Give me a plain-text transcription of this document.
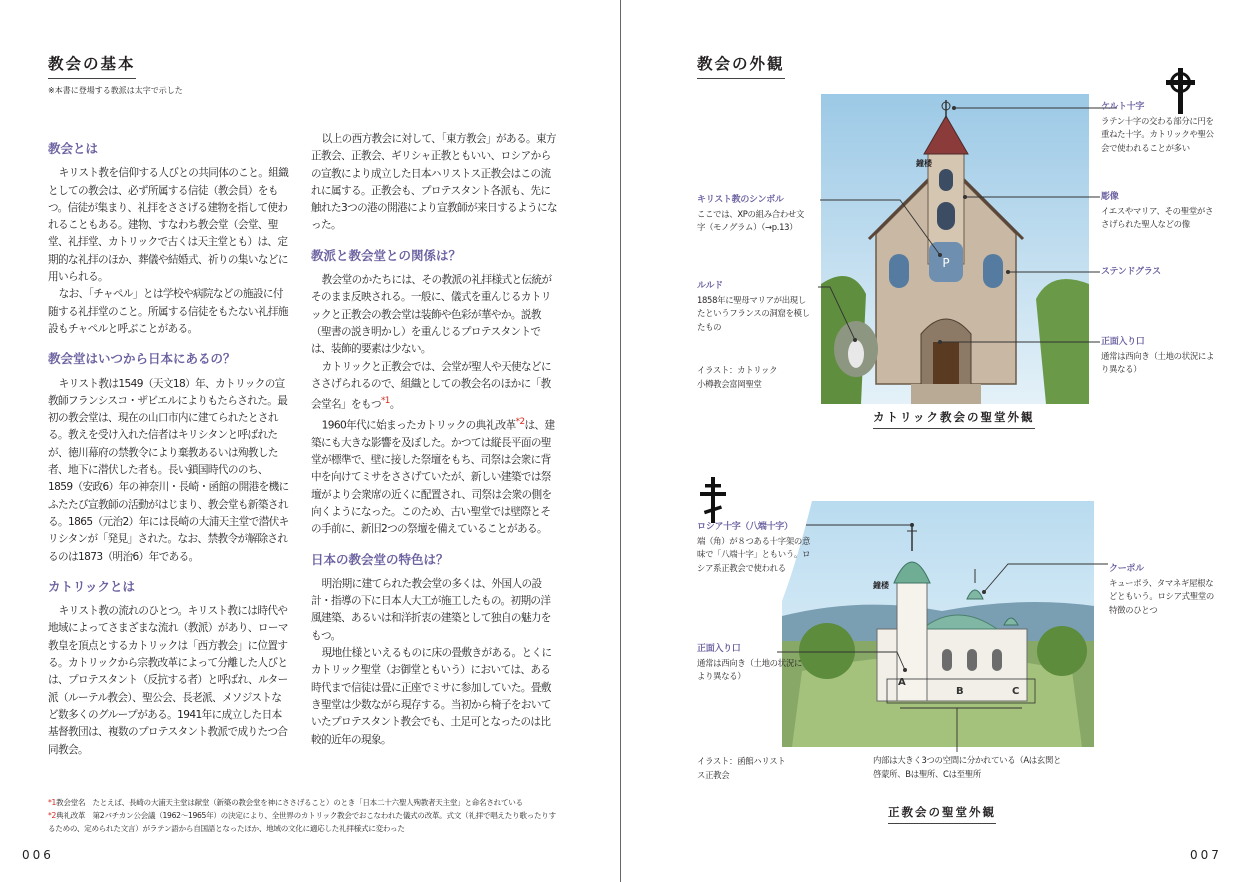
教会の基本
※本書に登場する教派は太字で示した
教会とは

キリスト教を信仰する人びとの共同体のこと。組織としての教会は、必ず所属する信徒（教会員）をもつ。信徒が集まり、礼拝をささげる建物を指して使われることもある。建物、すなわち教会堂（会堂、聖堂、礼拝堂、カトリックで古くは天主堂とも）は、定期的な礼拝のほか、葬儀や結婚式、祈りの集いなどに用いられる。

なお、「チャペル」とは学校や病院などの施設に付随する礼拝堂のこと。所属する信徒をもたない礼拝施設もチャペルと呼ぶことがある。

教会堂はいつから日本にあるの？

キリスト教は1549（天文18）年、カトリックの宣教師フランシスコ・ザビエルによりもたらされた。最初の教会堂は、現在の山口市内に建てられたとされる。教えを受け入れた信者はキリシタンと呼ばれたが、徳川幕府の禁教令により棄教あるいは殉教した者、地下に潜伏した者も。長い鎖国時代ののち、1859（安政6）年の神奈川・長崎・函館の開港を機にふたたび宣教師の活動がはじまり、教会堂も新築される。1865（元治2）年には長崎の大浦天主堂で潜伏キリシタンが「発見」された。なお、禁教令が解除されるのは1873（明治6）年である。

カトリックとは

キリスト教の流れのひとつ。キリスト教には時代や地域によってさまざまな流れ（教派）があり、ローマ教皇を頂点とするカトリックは「西方教会」に位置する。カトリックから宗教改革によって分離した人びとは、プロテスタント（反抗する者）と呼ばれ、ルター派（ルーテル教会）、聖公会、長老派、メソジストなど数多くのグループがある。1941年に成立した日本基督教団は、複数のプロテスタント教派で成りたつ合同教会。

以上の西方教会に対して、「東方教会」がある。東方正教会、正教会、ギリシャ正教ともいい、ロシアからの宣教により成立した日本ハリストス正教会はこの流れに属する。正教会も、プロテスタント各派も、先に触れた3つの港の開港により宣教師が来日するようになった。

教派と教会堂との関係は？

教会堂のかたちには、その教派の礼拝様式と伝統がそのまま反映される。一般に、儀式を重んじるカトリックと正教会の教会堂は装飾や色彩が華やか。説教（聖書の説き明かし）を重んじるプロテスタントでは、装飾的要素は少ない。

カトリックと正教会では、会堂が聖人や天使などにささげられるので、組織としての教会名のほかに「教会堂名」をもつ$^{*1}$。

1960年代に始まったカトリックの典礼改革$^{*2}$は、建築にも大きな影響を及ぼした。かつては縦長平面の聖堂が標準で、壁に接した祭壇をもち、司祭は会衆に背中を向けてミサをささげていたが、新しい建築では祭壇がより会衆席の近くに配置され、司祭は会衆の側を向くようになった。このため、古い聖堂では壁際とその手前に、新旧2つの祭壇を備えていることがある。

日本の教会堂の特色は？

明治期に建てられた教会堂の多くは、外国人の設計・指導の下に日本人大工が施工したもの。初期の洋風建築、あるいは和洋折衷の建築として独自の魅力をもつ。

現地仕様といえるものに床の畳敷きがある。とくにカトリック聖堂（お御堂ともいう）においては、ある時代まで信徒は畳に正座でミサに参加していた。畳敷き聖堂は少数ながら現存する。当初から椅子をおいていたプロテスタント教会でも、土足可となったのは比較的近年の現象。

*1教会堂名　たとえば、長崎の大浦天主堂は献堂（新築の教会堂を神にささげること）のとき「日本二十六聖人殉教者天主堂」と命名されている

*2典礼改革　第2バチカン公会議（1962～1965年）の決定により、全世界のカトリック教会でおこなわれた儀式の改革。式文（礼拝で唱えたり歌ったりするための、定められた文言）がラテン語から自国語となったほか、地域の文化に適応した礼拝様式に変わった

006
教会の外観
P
鐘楼
ケルト十字
ラテン十字の交わる部分に円を重ねた十字。カトリックや聖公会で使われることが多い
キリスト教のシンボル
ここでは、XPの組み合わせ文字（モノグラム）（→p.13）
彫像
イエスやマリア、その聖堂がささげられた聖人などの像
ステンドグラス
ルルド
1858年に聖母マリアが出現したというフランスの洞窟を模したもの
正面入り口
通常は西向き（土地の状況により異なる）
イラスト：カトリック小樽教会富岡聖堂
カトリック教会の聖堂外観
A
B	C
鐘楼
ロシア十字（八端十字）
端（角）が８つある十字架の意味で「八端十字」ともいう。ロシア系正教会で使われる	クーポル
キューポラ、タマネギ屋根などともいう。ロシア式聖堂の特徴のひとつ
正面入り口
通常は西向き（土地の状況により異なる）
内部は大きく3つの空間に分かれている（Aは玄関と啓蒙所、Bは聖所、Cは至聖所
イラスト：函館ハリストス正教会
正教会の聖堂外観
007
